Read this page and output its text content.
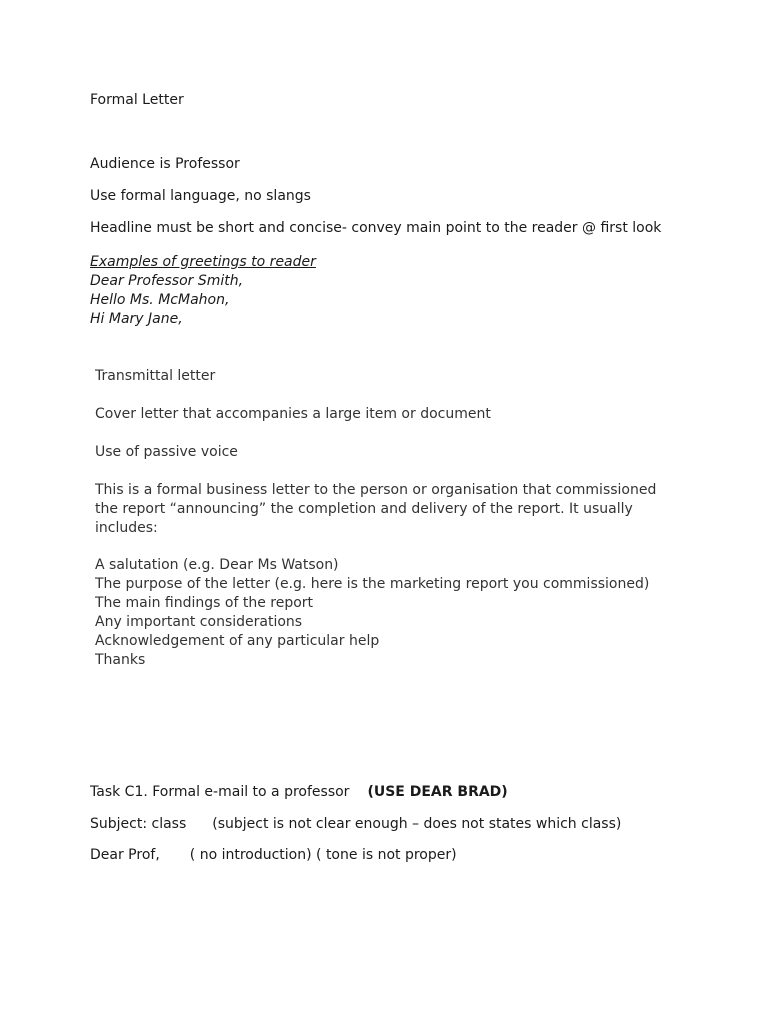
Formal Letter
Audience is Professor
Use formal language, no slangs
Headline must be short and concise- convey main point to the reader @ first look
Examples of greetings to reader
Dear Professor Smith,
Hello Ms. McMahon,
Hi Mary Jane,
Transmittal letter
Cover letter that accompanies a large item or document
Use of passive voice
This is a formal business letter to the person or organisation that commissioned
the report “announcing” the completion and delivery of the report. It usually
includes:
A salutation (e.g. Dear Ms Watson)
The purpose of the letter (e.g. here is the marketing report you commissioned)
The main findings of the report
Any important considerations
Acknowledgement of any particular help
Thanks
Task C1. Formal e-mail to a professor (USE DEAR BRAD)
Subject: class (subject is not clear enough – does not states which class)
Dear Prof, ( no introduction) ( tone is not proper)
